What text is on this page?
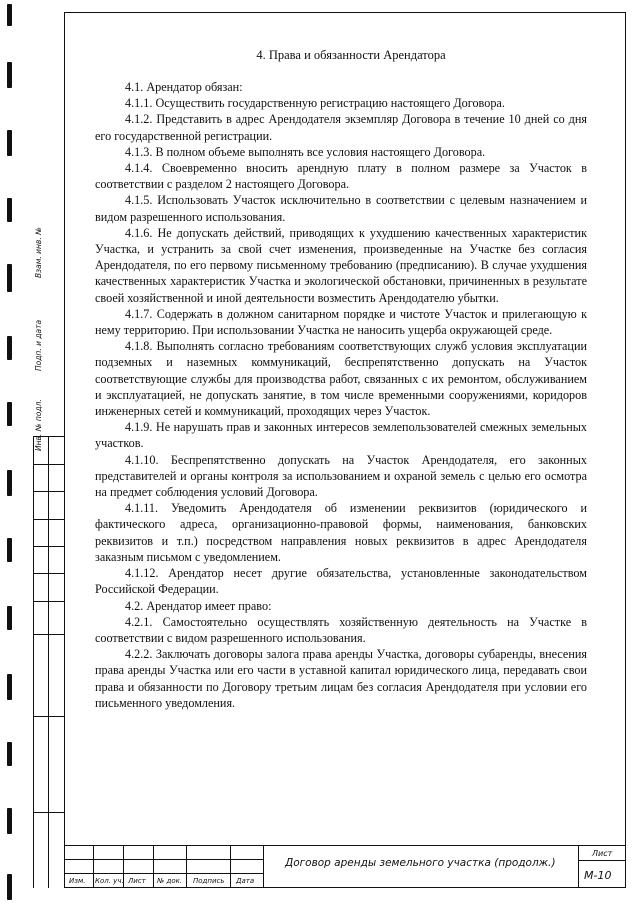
Взам. инв. №
Подп. и дата
Инв. № подл.
4. Права и обязанности Арендатора

4.1. Арендатор обязан:

4.1.1. Осуществить государственную регистрацию настоящего Договора.

4.1.2. Представить в адрес Арендодателя экземпляр Договора в течение 10 дней со дня его государственной регистрации.

4.1.3. В полном объеме выполнять все условия настоящего Договора.

4.1.4. Своевременно вносить арендную плату в полном размере за Участок в соответствии с разделом 2 настоящего Договора.

4.1.5. Использовать Участок исключительно в соответствии с целевым назначением и видом разрешенного использования.

4.1.6. Не допускать действий, приводящих к ухудшению качественных характеристик Участка, и устранить за свой счет изменения, произведенные на Участке без согласия Арендодателя, по его первому письменному требованию (предписанию). В случае ухудшения качественных характеристик Участка и экологической обстановки, причиненных в результате своей хозяйственной и иной деятельности возместить Арендодателю убытки.

4.1.7. Содержать в должном санитарном порядке и чистоте Участок и прилегающую к нему территорию. При использовании Участка не наносить ущерба окружающей среде.

4.1.8. Выполнять согласно требованиям соответствующих служб условия эксплуатации подземных и наземных коммуникаций, беспрепятственно допускать на Участок соответствующие службы для производства работ, связанных с их ремонтом, обслуживанием и эксплуатацией, не допускать занятие, в том числе временными сооружениями, коридоров инженерных сетей и коммуникаций, проходящих через Участок.

4.1.9. Не нарушать прав и законных интересов землепользователей смежных земельных участков.

4.1.10. Беспрепятственно допускать на Участок Арендодателя, его законных представителей и органы контроля за использованием и охраной земель с целью его осмотра на предмет соблюдения условий Договора.

4.1.11. Уведомить Арендодателя об изменении реквизитов (юридического и фактического адреса, организационно-правовой формы, наименования, банковских реквизитов и т.п.) посредством направления новых реквизитов в адрес Арендодателя заказным письмом с уведомлением.

4.1.12. Арендатор несет другие обязательства, установленные законодательством Российской Федерации.

4.2. Арендатор имеет право:

4.2.1. Самостоятельно осуществлять хозяйственную деятельность на Участке в соответствии с видом разрешенного использования.

4.2.2. Заключать договоры залога права аренды Участка, договоры субаренды, внесения права аренды Участка или его части в уставной капитал юридического лица, передавать свои права и обязанности по Договору третьим лицам без согласия Арендодателя при условии его письменного уведомления.

Изм. Кол. уч. Лист № док. Подпись Дата
Договор аренды земельного участка (продолж.)
Лист
М-10
